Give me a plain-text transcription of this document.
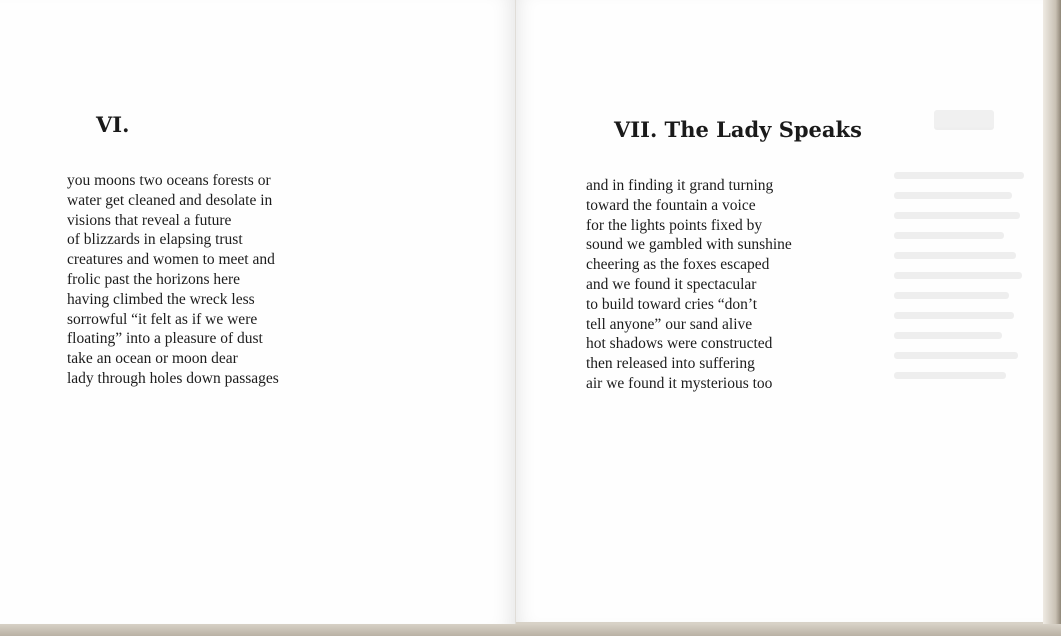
VI.
you moons two oceans forests or
water get cleaned and desolate in
visions that reveal a future
of blizzards in elapsing trust
creatures and women to meet and
frolic past the horizons here
having climbed the wreck less
sorrowful “it felt as if we were
floating” into a pleasure of dust
take an ocean or moon dear
lady through holes down passages
VII. The Lady Speaks
and in finding it grand turning
toward the fountain a voice
for the lights points fixed by
sound we gambled with sunshine
cheering as the foxes escaped
and we found it spectacular
to build toward cries “don’t
tell anyone” our sand alive
hot shadows were constructed
then released into suffering
air we found it mysterious too
